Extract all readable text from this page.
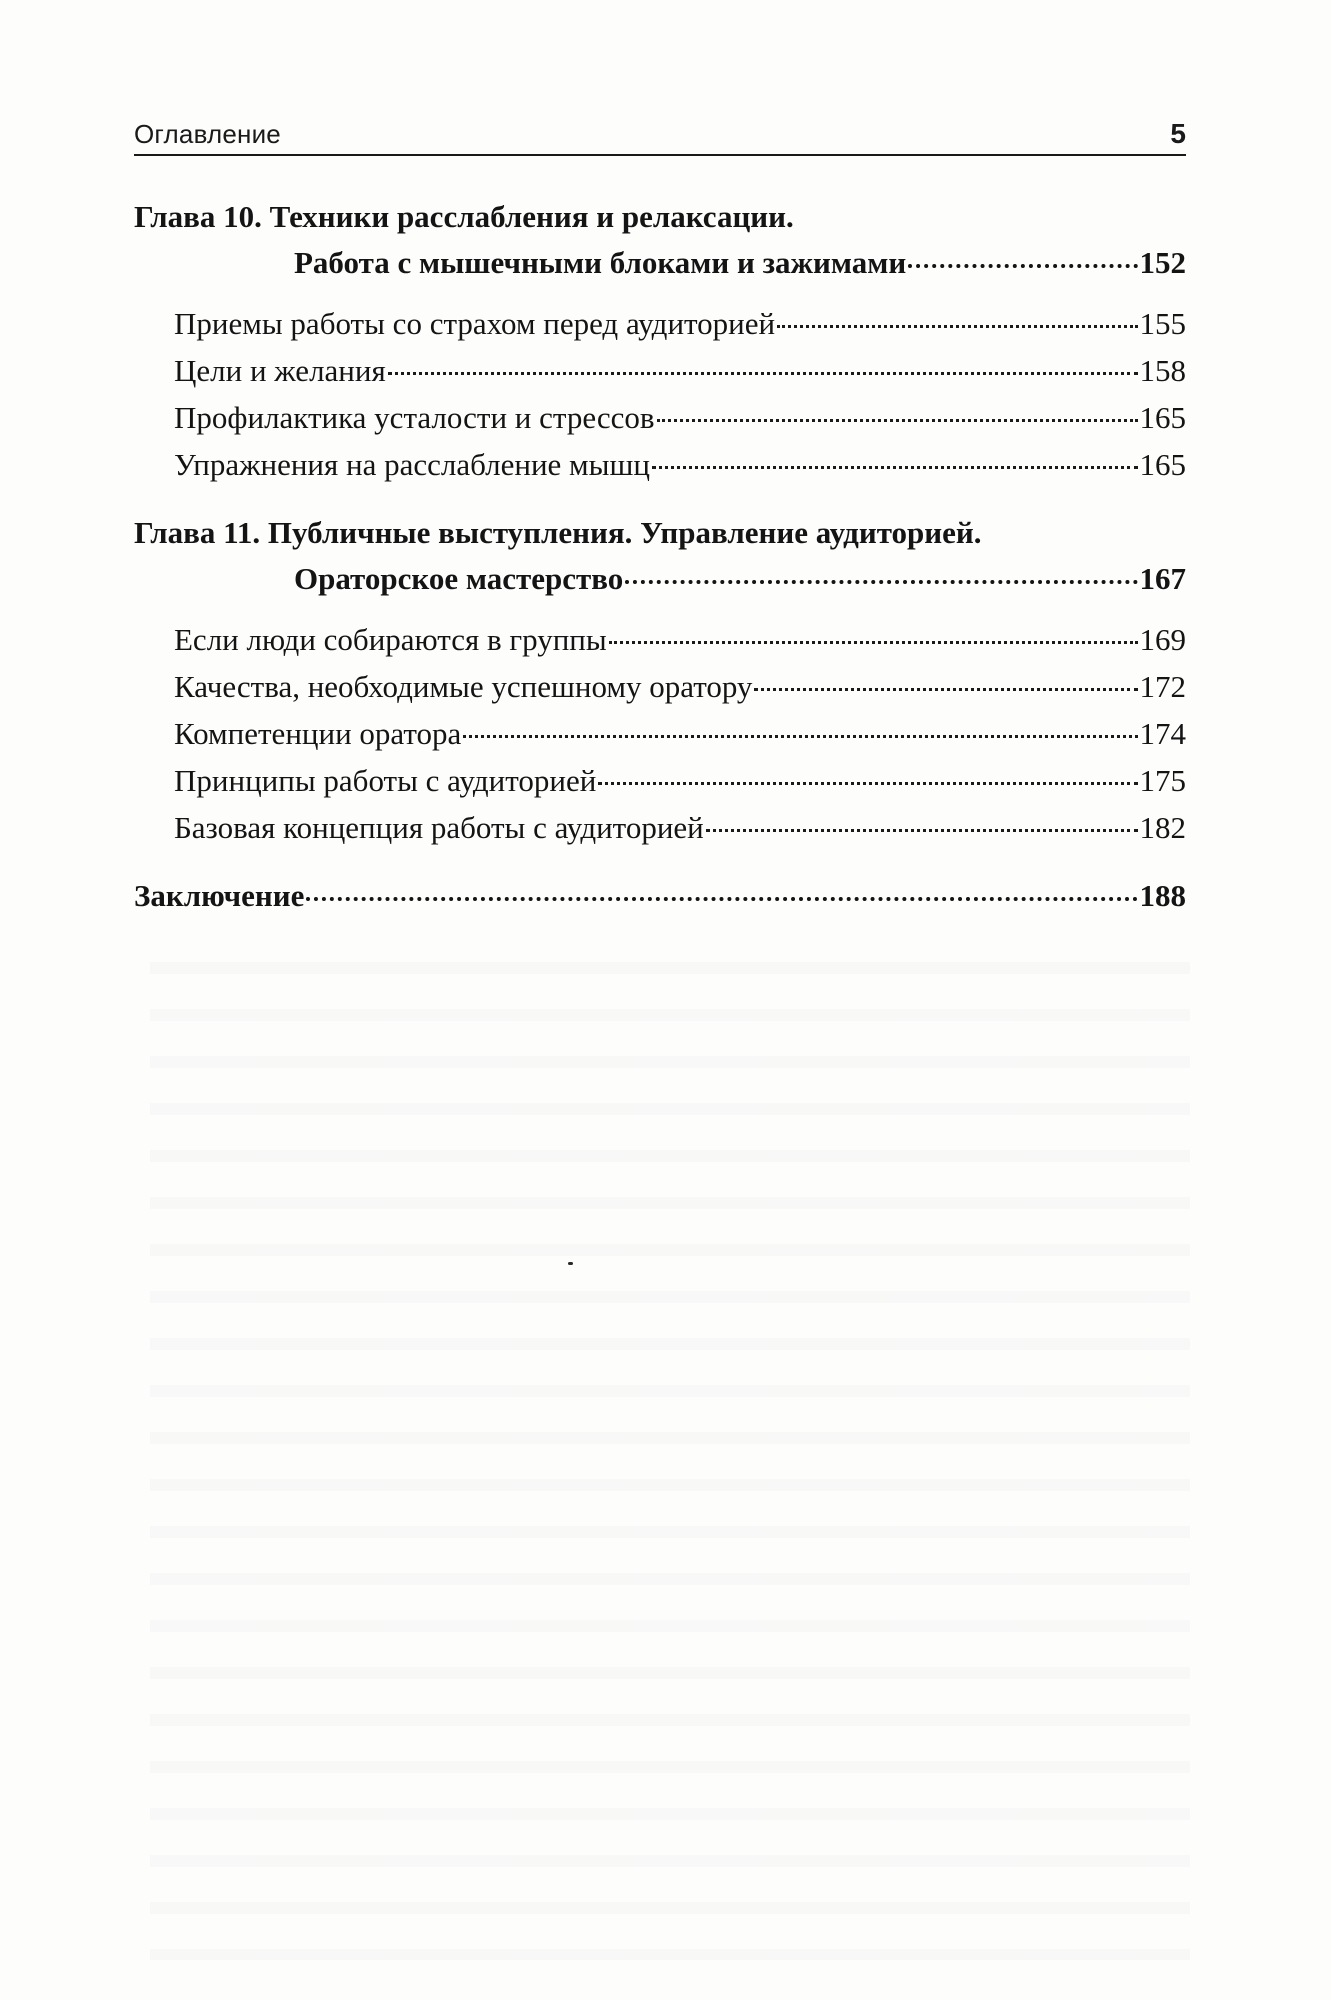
Оглавление	5
Глава 10. Техники расслабления и релаксации.
Работа с мышечными блоками и зажимами	152
Приемы работы со страхом перед аудиторией	155
Цели и желания	158
Профилактика усталости и стрессов	165
Упражнения на расслабление мышц	165
Глава 11. Публичные выступления. Управление аудиторией.
Ораторское мастерство	167
Если люди собираются в группы	169
Качества, необходимые успешному оратору	172
Компетенции оратора	174
Принципы работы с аудиторией	175
Базовая концепция работы с аудиторией	182
Заключение	188
